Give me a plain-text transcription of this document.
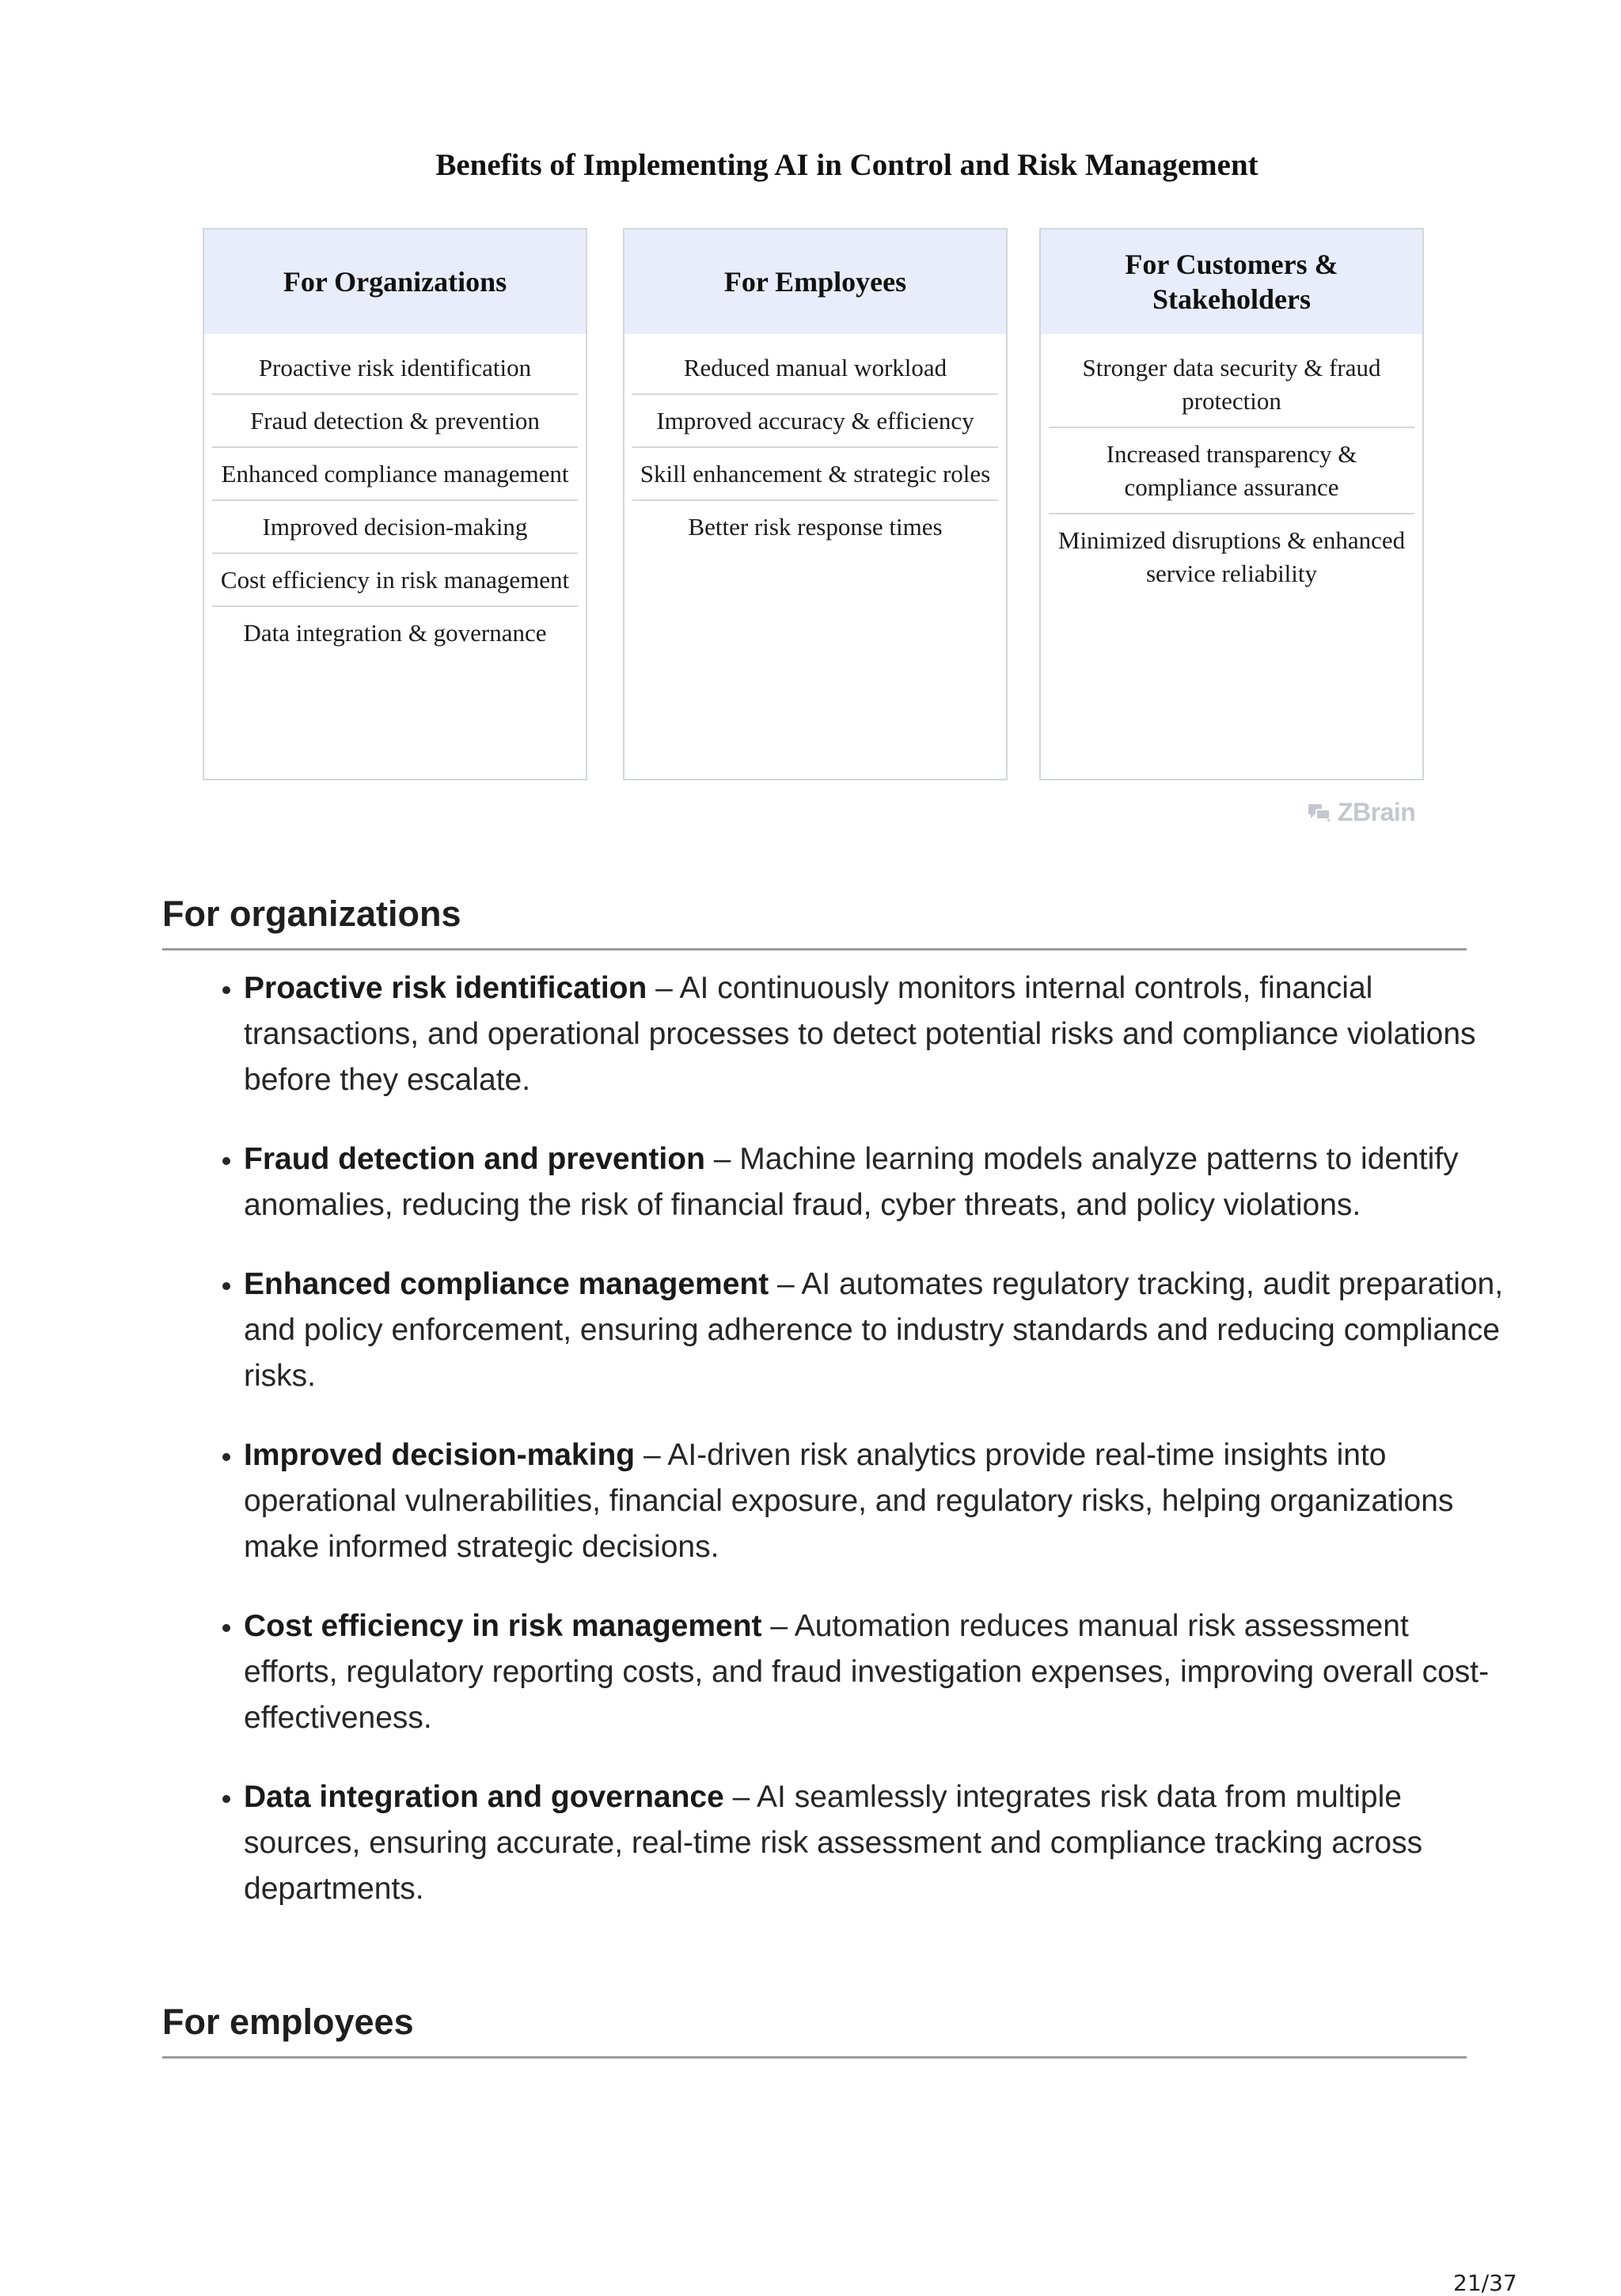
Benefits of Implementing AI in Control and Risk Management
For Organizations
Proactive risk identification
Fraud detection & prevention
Enhanced compliance management
Improved decision-making
Cost efficiency in risk management
Data integration & governance
For Employees
Reduced manual workload
Improved accuracy & efficiency
Skill enhancement & strategic roles
Better risk response times
For Customers & Stakeholders
Stronger data security & fraud protection
Increased transparency & compliance assurance
Minimized disruptions & enhanced service reliability
ZBrain
For organizations
• Proactive risk identification – AI continuously monitors internal controls, financial transactions, and operational processes to detect potential risks and compliance violations before they escalate.
• Fraud detection and prevention – Machine learning models analyze patterns to identify anomalies, reducing the risk of financial fraud, cyber threats, and policy violations.
• Enhanced compliance management – AI automates regulatory tracking, audit preparation, and policy enforcement, ensuring adherence to industry standards and reducing compliance risks.
• Improved decision-making – AI-driven risk analytics provide real-time insights into operational vulnerabilities, financial exposure, and regulatory risks, helping organizations make informed strategic decisions.
• Cost efficiency in risk management – Automation reduces manual risk assessment efforts, regulatory reporting costs, and fraud investigation expenses, improving overall cost-effectiveness.
• Data integration and governance – AI seamlessly integrates risk data from multiple sources, ensuring accurate, real-time risk assessment and compliance tracking across departments.
For employees
21/37
